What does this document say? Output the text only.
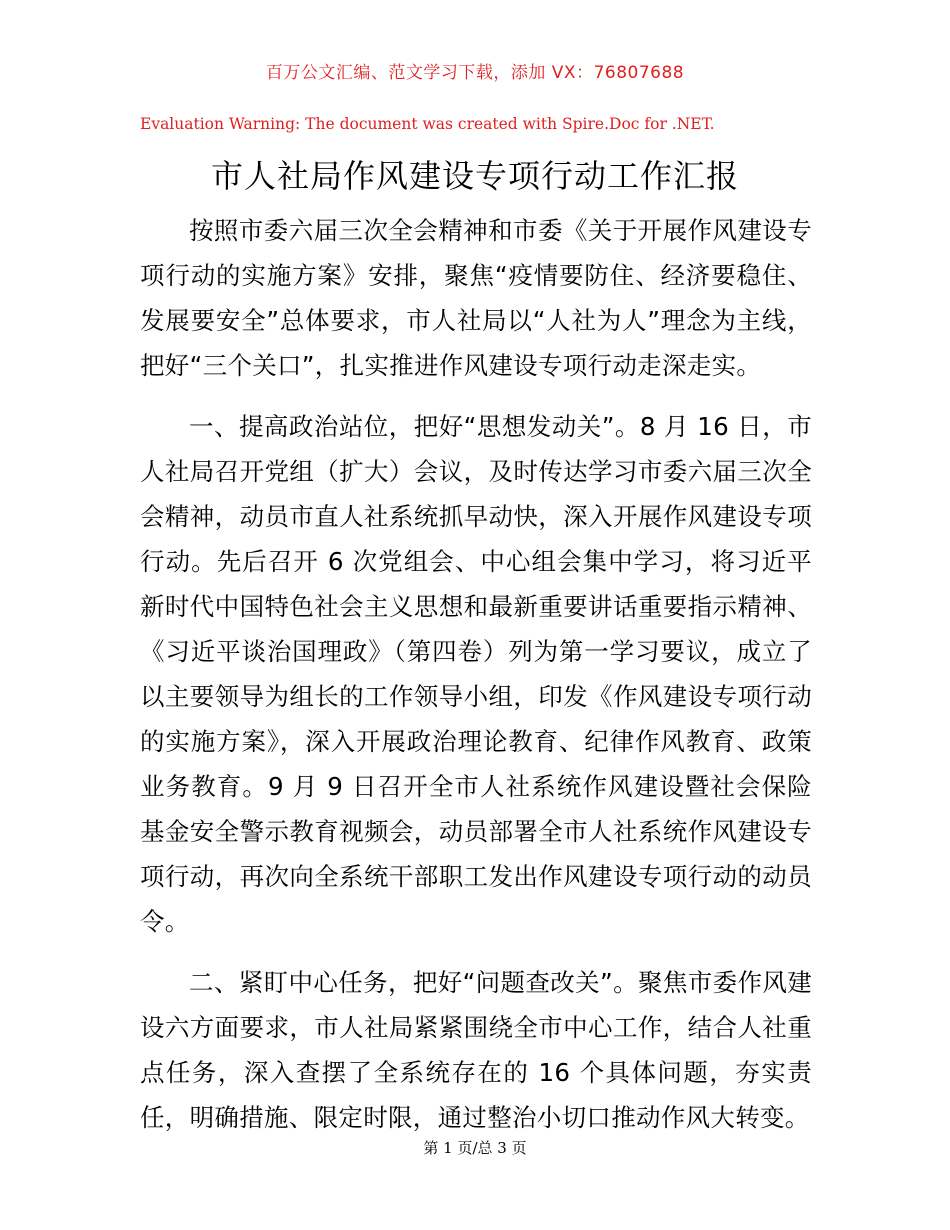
百万公文汇编、范文学习下载，添加 VX：76807688
Evaluation Warning: The document was created with Spire.Doc for .NET.
市人社局作风建设专项行动工作汇报

按照市委六届三次全会精神和市委《关于开展作风建设专项行动的实施方案》安排，聚焦“疫情要防住、经济要稳住、发展要安全”总体要求，市人社局以“人社为人”理念为主线，把好“三个关口”，扎实推进作风建设专项行动走深走实。

一、提高政治站位，把好“思想发动关”。8 月 16 日，市人社局召开党组（扩大）会议，及时传达学习市委六届三次全会精神，动员市直人社系统抓早动快，深入开展作风建设专项行动。先后召开 6 次党组会、中心组会集中学习，将习近平新时代中国特色社会主义思想和最新重要讲话重要指示精神、《习近平谈治国理政》（第四卷）列为第一学习要议，成立了以主要领导为组长的工作领导小组，印发《作风建设专项行动的实施方案》，深入开展政治理论教育、纪律作风教育、政策业务教育。9 月 9 日召开全市人社系统作风建设暨社会保险基金安全警示教育视频会，动员部署全市人社系统作风建设专项行动，再次向全系统干部职工发出作风建设专项行动的动员令。

二、紧盯中心任务，把好“问题查改关”。聚焦市委作风建设六方面要求，市人社局紧紧围绕全市中心工作，结合人社重点任务，深入查摆了全系统存在的 16 个具体问题，夯实责任，明确措施、限定时限，通过整治小切口推动作风大转变。

第 1 页/总 3 页
